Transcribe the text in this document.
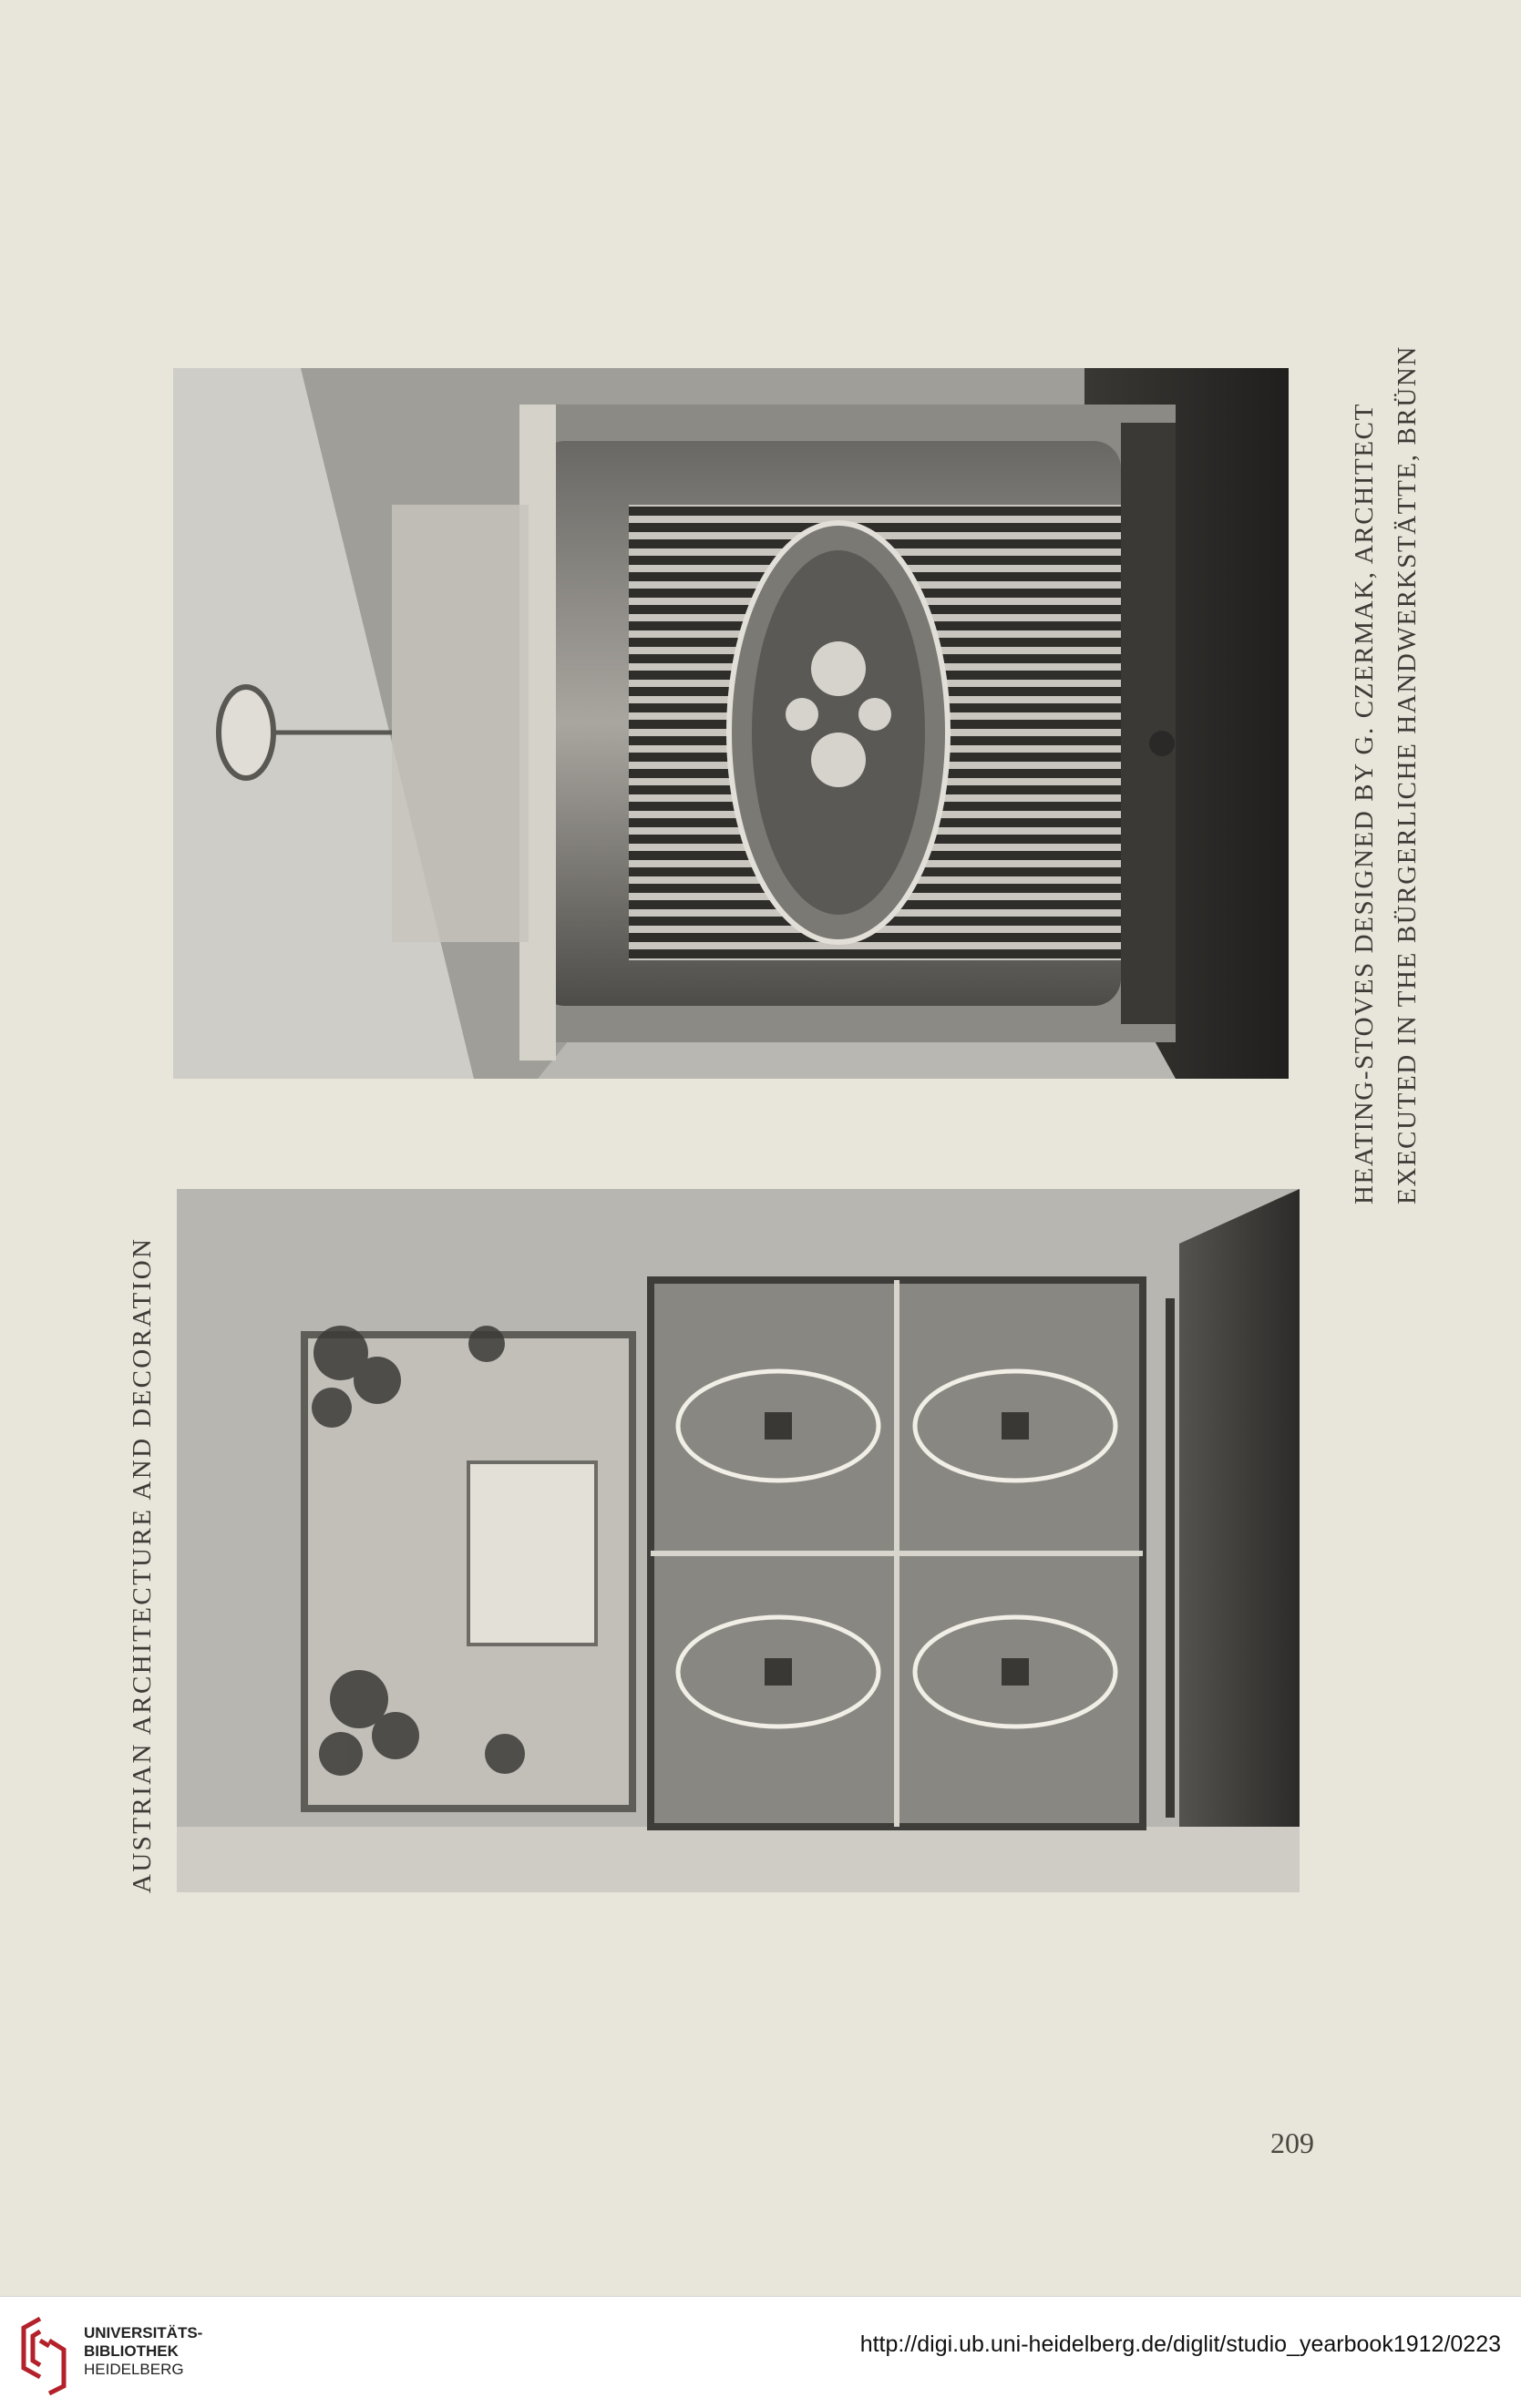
AUSTRIAN ARCHITECTURE AND DECORATION
HEATING-STOVES DESIGNED BY G. CZERMAK, ARCHITECT EXECUTED IN THE BÜRGERLICHE HANDWERKSTÄTTE, BRÜNN
209
UNIVERSITÄTS-
BIBLIOTHEK
HEIDELBERG
http://digi.ub.uni-heidelberg.de/diglit/studio_yearbook1912/0223
